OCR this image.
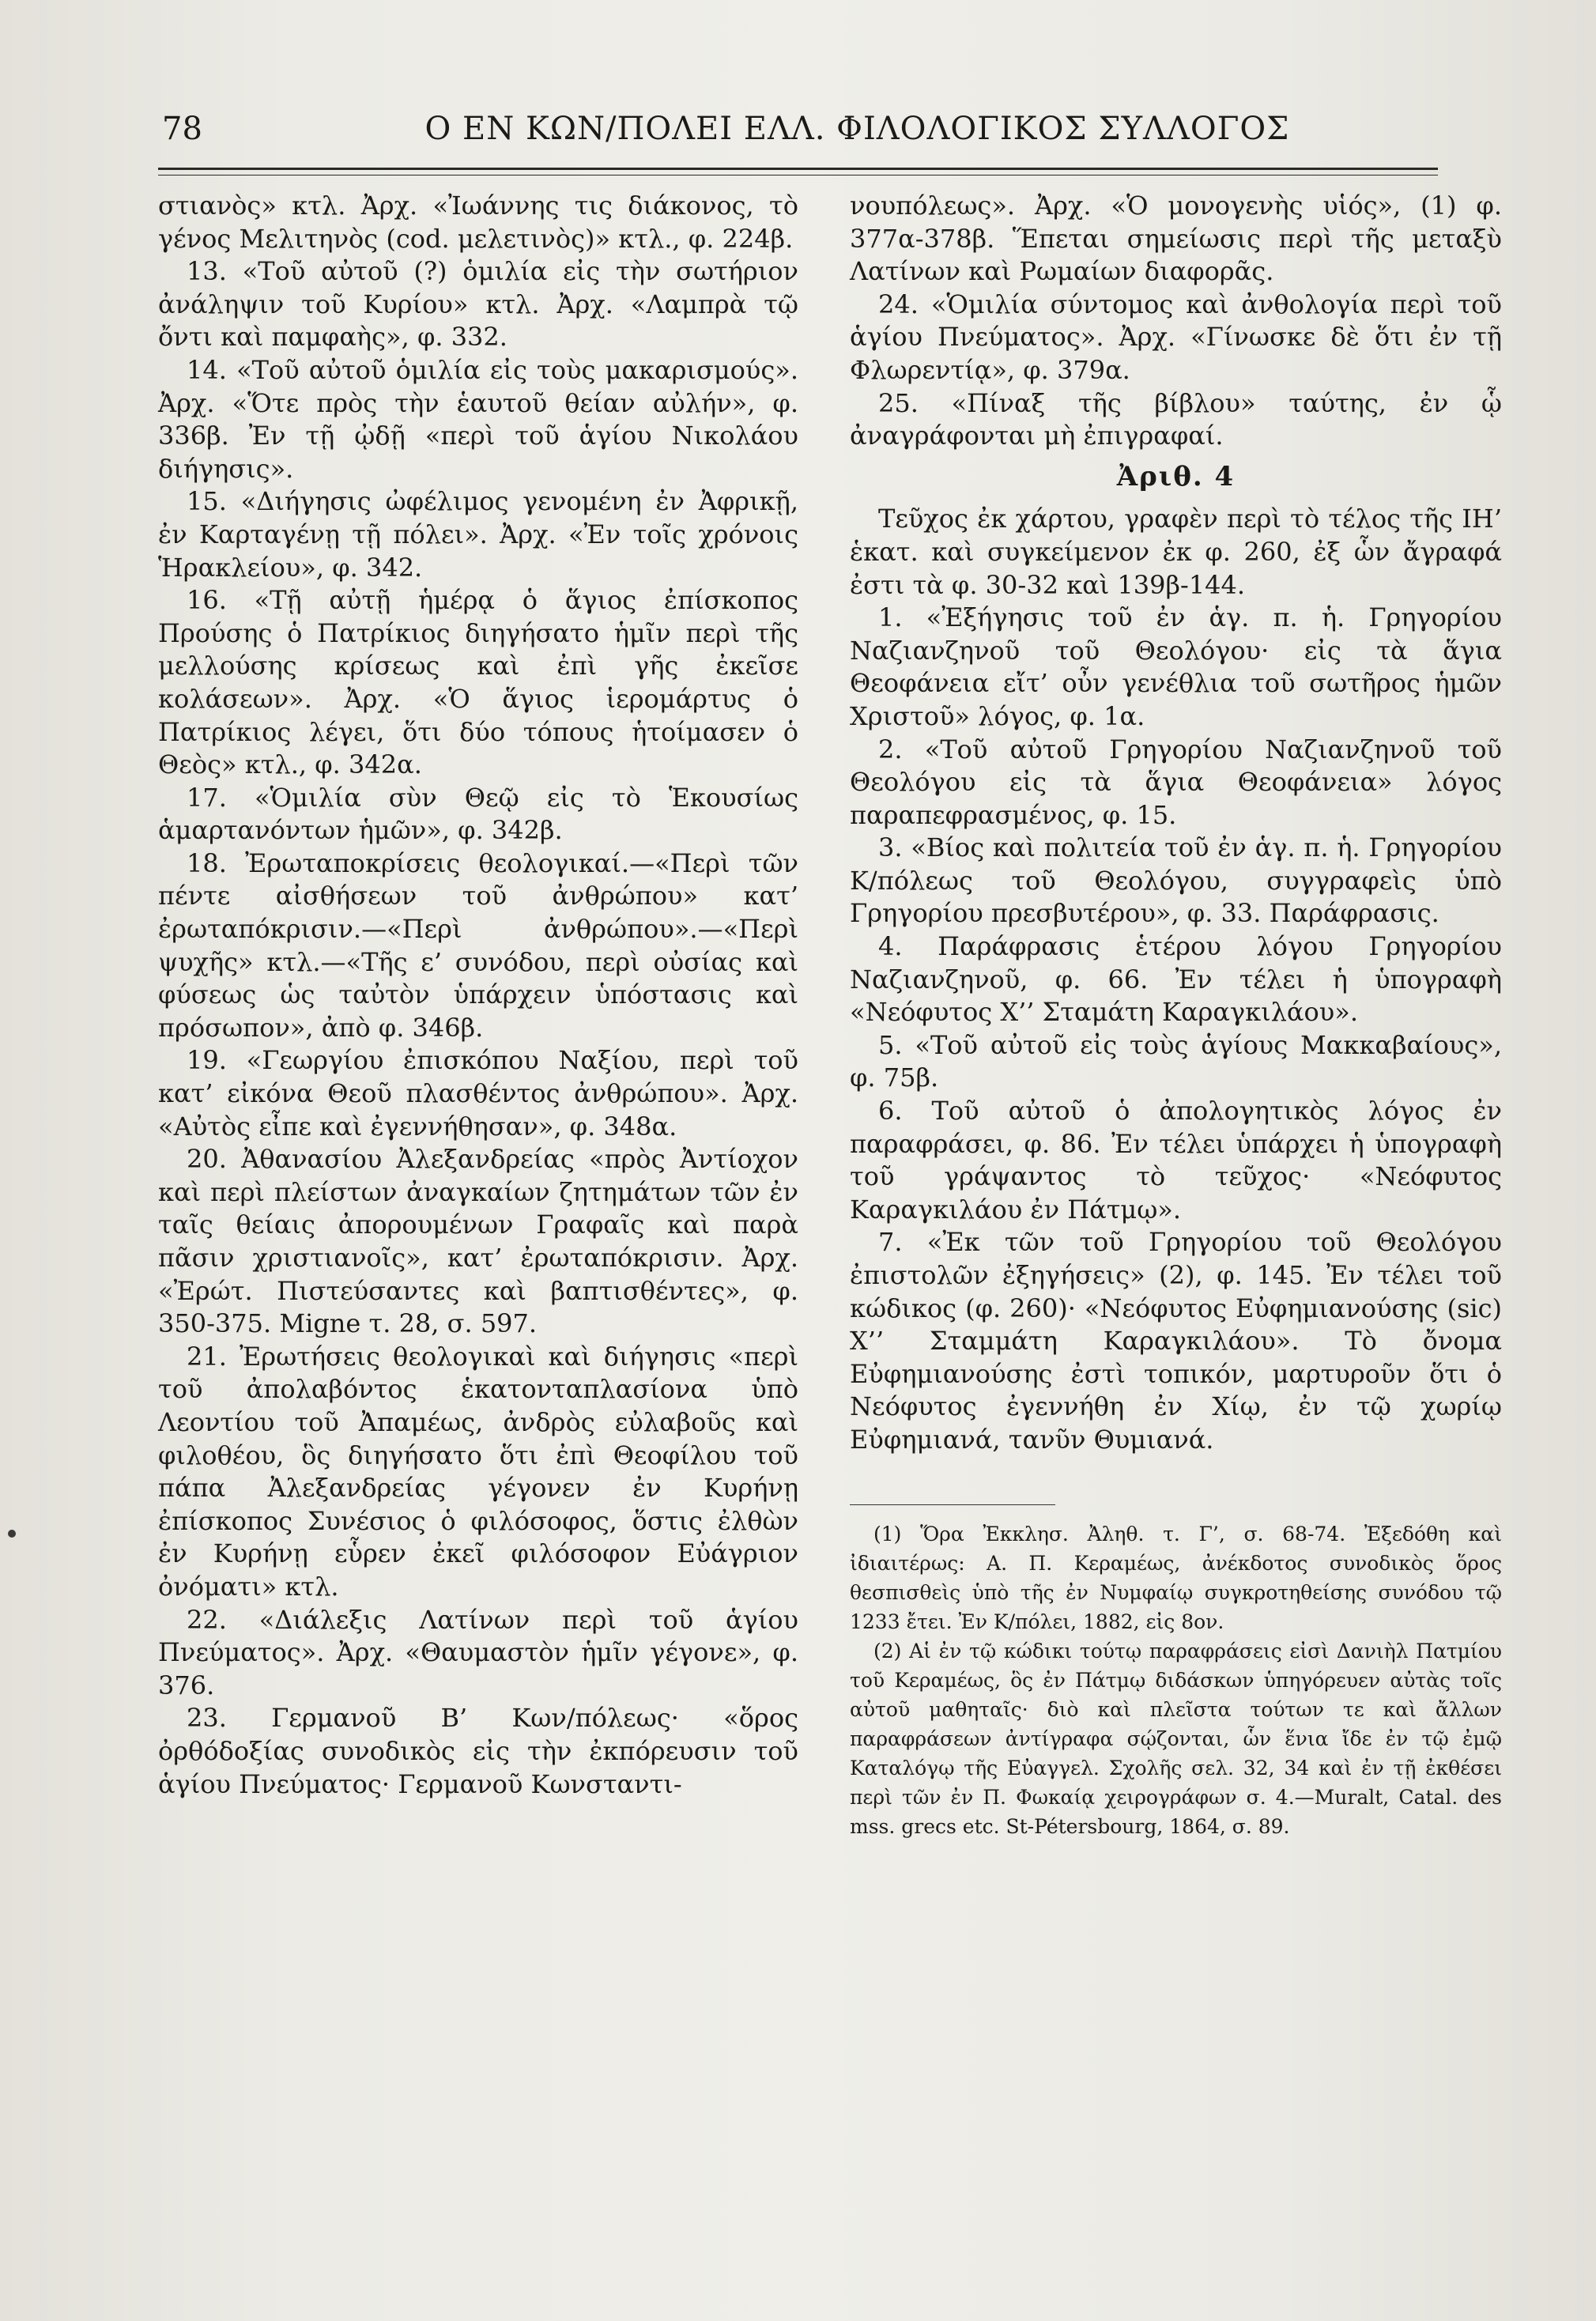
78	Ο ΕΝ ΚΩΝ/ΠΟΛΕΙ ΕΛΛ. ΦΙΛΟΛΟΓΙΚΟΣ ΣΥΛΛΟΓΟΣ

στιανὸς» κτλ. Ἀρχ. «Ἰωάννης τις διάκονος, τὸ γένος Μελιτηνὸς (cod. μελετινὸς)» κτλ., φ. 224β.

13. «Τοῦ αὐτοῦ (?) ὁμιλία εἰς τὴν σωτήριον ἀνάληψιν τοῦ Κυρίου» κτλ. Ἀρχ. «Λαμπρὰ τῷ ὄντι καὶ παμφαὴς», φ. 332.

14. «Τοῦ αὐτοῦ ὁμιλία εἰς τοὺς μακαρισμούς». Ἀρχ. «Ὅτε πρὸς τὴν ἑαυτοῦ θείαν αὐλήν», φ. 336β. Ἐν τῇ ᾠδῇ «περὶ τοῦ ἁγίου Νικολάου διήγησις».

15. «Διήγησις ὠφέλιμος γενομένη ἐν Ἀφρικῇ, ἐν Καρταγένῃ τῇ πόλει». Ἀρχ. «Ἐν τοῖς χρόνοις Ἡρακλείου», φ. 342.

16. «Τῇ αὐτῇ ἡμέρᾳ ὁ ἅγιος ἐπίσκοπος Προύσης ὁ Πατρίκιος διηγήσατο ἡμῖν περὶ τῆς μελλούσης κρίσεως καὶ ἐπὶ γῆς ἐκεῖσε κολάσεων». Ἀρχ. «Ὁ ἅγιος ἱερομάρτυς ὁ Πατρίκιος λέγει, ὅτι δύο τόπους ἡτοίμασεν ὁ Θεὸς» κτλ., φ. 342α.

17. «Ὁμιλία σὺν Θεῷ εἰς τὸ Ἑκουσίως ἁμαρτανόντων ἡμῶν», φ. 342β.

18. Ἐρωταποκρίσεις θεολογικαί.—«Περὶ τῶν πέντε αἰσθήσεων τοῦ ἀνθρώπου» κατ’ ἐρωταπόκρισιν.—«Περὶ ἀνθρώπου».—«Περὶ ψυχῆς» κτλ.—«Τῆς ε’ συνόδου, περὶ οὐσίας καὶ φύσεως ὡς ταὐτὸν ὑπάρχειν ὑπόστασις καὶ πρόσωπον», ἀπὸ φ. 346β.

19. «Γεωργίου ἐπισκόπου Ναξίου, περὶ τοῦ κατ’ εἰκόνα Θεοῦ πλασθέντος ἀνθρώπου». Ἀρχ. «Αὐτὸς εἶπε καὶ ἐγεννήθησαν», φ. 348α.

20. Ἀθανασίου Ἀλεξανδρείας «πρὸς Ἀντίοχον καὶ περὶ πλείστων ἀναγκαίων ζητημάτων τῶν ἐν ταῖς θείαις ἀπορουμένων Γραφαῖς καὶ παρὰ πᾶσιν χριστιανοῖς», κατ’ ἐρωταπόκρισιν. Ἀρχ. «Ἐρώτ. Πιστεύσαντες καὶ βαπτισθέντες», φ. 350-375. Migne τ. 28, σ. 597.

21. Ἐρωτήσεις θεολογικαὶ καὶ διήγησις «περὶ τοῦ ἀπολαβόντος ἑκατονταπλασίονα ὑπὸ Λεοντίου τοῦ Ἀπαμέως, ἀνδρὸς εὐλαβοῦς καὶ φιλοθέου, ὃς διηγήσατο ὅτι ἐπὶ Θεοφίλου τοῦ πάπα Ἀλεξανδρείας γέγονεν ἐν Κυρήνῃ ἐπίσκοπος Συνέσιος ὁ φιλόσοφος, ὅστις ἐλθὼν ἐν Κυρήνῃ εὗρεν ἐκεῖ φιλόσοφον Εὐάγριον ὀνόματι» κτλ.

22. «Διάλεξις Λατίνων περὶ τοῦ ἁγίου Πνεύματος». Ἀρχ. «Θαυμαστὸν ἡμῖν γέγονε», φ. 376.

23. Γερμανοῦ Β’ Κων/πόλεως· «ὅρος ὀρθόδοξίας συνοδικὸς εἰς τὴν ἐκπόρευσιν τοῦ ἁγίου Πνεύματος· Γερμανοῦ Κωνσταντι-

νουπόλεως». Ἀρχ. «Ὁ μονογενὴς υἱός», (1) φ. 377α-378β. Ἕπεται σημείωσις περὶ τῆς μεταξὺ Λατίνων καὶ Ρωμαίων διαφορᾶς.

24. «Ὁμιλία σύντομος καὶ ἀνθολογία περὶ τοῦ ἁγίου Πνεύματος». Ἀρχ. «Γίνωσκε δὲ ὅτι ἐν τῇ Φλωρεντίᾳ», φ. 379α.

25. «Πίναξ τῆς βίβλου» ταύτης, ἐν ᾧ ἀναγράφονται μὴ ἐπιγραφαί.

Ἀριθ. 4

Τεῦχος ἐκ χάρτου, γραφὲν περὶ τὸ τέλος τῆς ΙΗ’ ἑκατ. καὶ συγκείμενον ἐκ φ. 260, ἐξ ὧν ἄγραφά ἐστι τὰ φ. 30-32 καὶ 139β-144.

1. «Ἐξήγησις τοῦ ἐν ἁγ. π. ἡ. Γρηγορίου Ναζιανζηνοῦ τοῦ Θεολόγου· εἰς τὰ ἅγια Θεοφάνεια εἴτ’ οὖν γενέθλια τοῦ σωτῆρος ἡμῶν Χριστοῦ» λόγος, φ. 1α.

2. «Τοῦ αὐτοῦ Γρηγορίου Ναζιανζηνοῦ τοῦ Θεολόγου εἰς τὰ ἅγια Θεοφάνεια» λόγος παραπεφρασμένος, φ. 15.

3. «Βίος καὶ πολιτεία τοῦ ἐν ἁγ. π. ἡ. Γρηγορίου Κ/πόλεως τοῦ Θεολόγου, συγγραφεὶς ὑπὸ Γρηγορίου πρεσβυτέρου», φ. 33. Παράφρασις.

4. Παράφρασις ἑτέρου λόγου Γρηγορίου Ναζιανζηνοῦ, φ. 66. Ἐν τέλει ἡ ὑπογραφὴ «Νεόφυτος Χ’’ Σταμάτη Καραγκιλάου».

5. «Τοῦ αὐτοῦ εἰς τοὺς ἁγίους Μακκαβαίους», φ. 75β.

6. Τοῦ αὐτοῦ ὁ ἀπολογητικὸς λόγος ἐν παραφράσει, φ. 86. Ἐν τέλει ὑπάρχει ἡ ὑπογραφὴ τοῦ γράψαντος τὸ τεῦχος· «Νεόφυτος Καραγκιλάου ἐν Πάτμῳ».

7. «Ἐκ τῶν τοῦ Γρηγορίου τοῦ Θεολόγου ἐπιστολῶν ἐξηγήσεις» (2), φ. 145. Ἐν τέλει τοῦ κώδικος (φ. 260)· «Νεόφυτος Εὐφημιανούσης (sic) Χ’’ Σταμμάτη Καραγκιλάου». Τὸ ὄνομα Εὐφημιανούσης ἐστὶ τοπικόν, μαρτυροῦν ὅτι ὁ Νεόφυτος ἐγεννήθη ἐν Χίῳ, ἐν τῷ χωρίῳ Εὐφημιανά, τανῦν Θυμιανά.

(1) Ὅρα Ἐκκλησ. Ἀληθ. τ. Γ’, σ. 68-74. Ἐξεδόθη καὶ ἰδιαιτέρως: Α. Π. Κεραμέως, ἀνέκδοτος συνοδικὸς ὅρος θεσπισθεὶς ὑπὸ τῆς ἐν Νυμφαίῳ συγκροτηθείσης συνόδου τῷ 1233 ἔτει. Ἐν Κ/πόλει, 1882, εἰς 8ον.

(2) Αἱ ἐν τῷ κώδικι τούτῳ παραφράσεις εἰσὶ Δανιὴλ Πατμίου τοῦ Κεραμέως, ὃς ἐν Πάτμῳ διδάσκων ὑπηγόρευεν αὐτὰς τοῖς αὐτοῦ μαθηταῖς· διὸ καὶ πλεῖστα τούτων τε καὶ ἄλλων παραφράσεων ἀντίγραφα σῴζονται, ὧν ἕνια ἴδε ἐν τῷ ἐμῷ Καταλόγῳ τῆς Εὐαγγελ. Σχολῆς σελ. 32, 34 καὶ ἐν τῇ ἐκθέσει περὶ τῶν ἐν Π. Φωκαίᾳ χειρογράφων σ. 4.—Muralt, Catal. des mss. grecs etc. St-Pétersbourg, 1864, σ. 89.
